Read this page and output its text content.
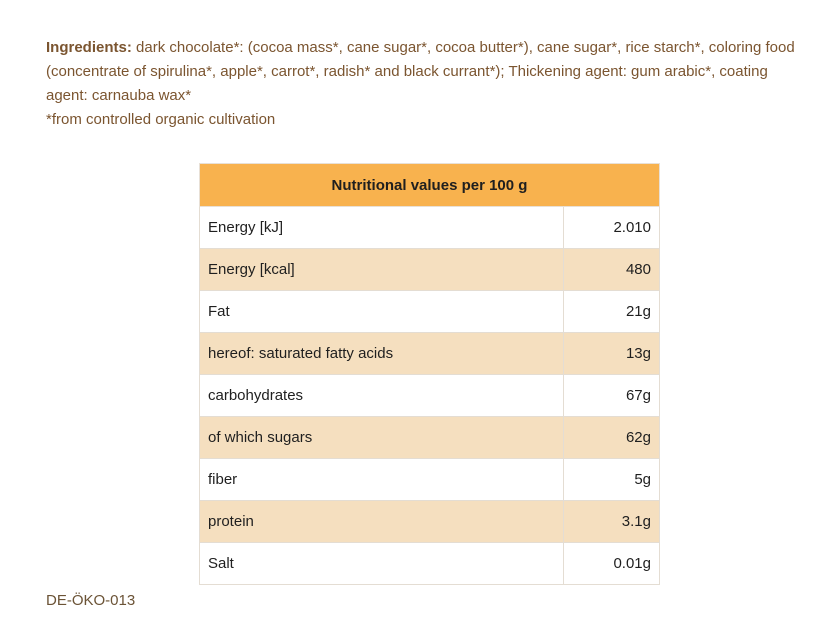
Ingredients: dark chocolate*: (cocoa mass*, cane sugar*, cocoa butter*), cane sugar*, rice starch*, coloring food (concentrate of spirulina*, apple*, carrot*, radish* and black currant*); Thickening agent: gum arabic*, coating agent: carnauba wax*
*from controlled organic cultivation
Nutritional values per 100 g	
Energy [kJ]	2.010
Energy [kcal]	480
Fat	21g
hereof: saturated fatty acids	13g
carbohydrates	67g
of which sugars	62g
fiber	5g
protein	3.1g
Salt	0.01g
DE-ÖKO-013
